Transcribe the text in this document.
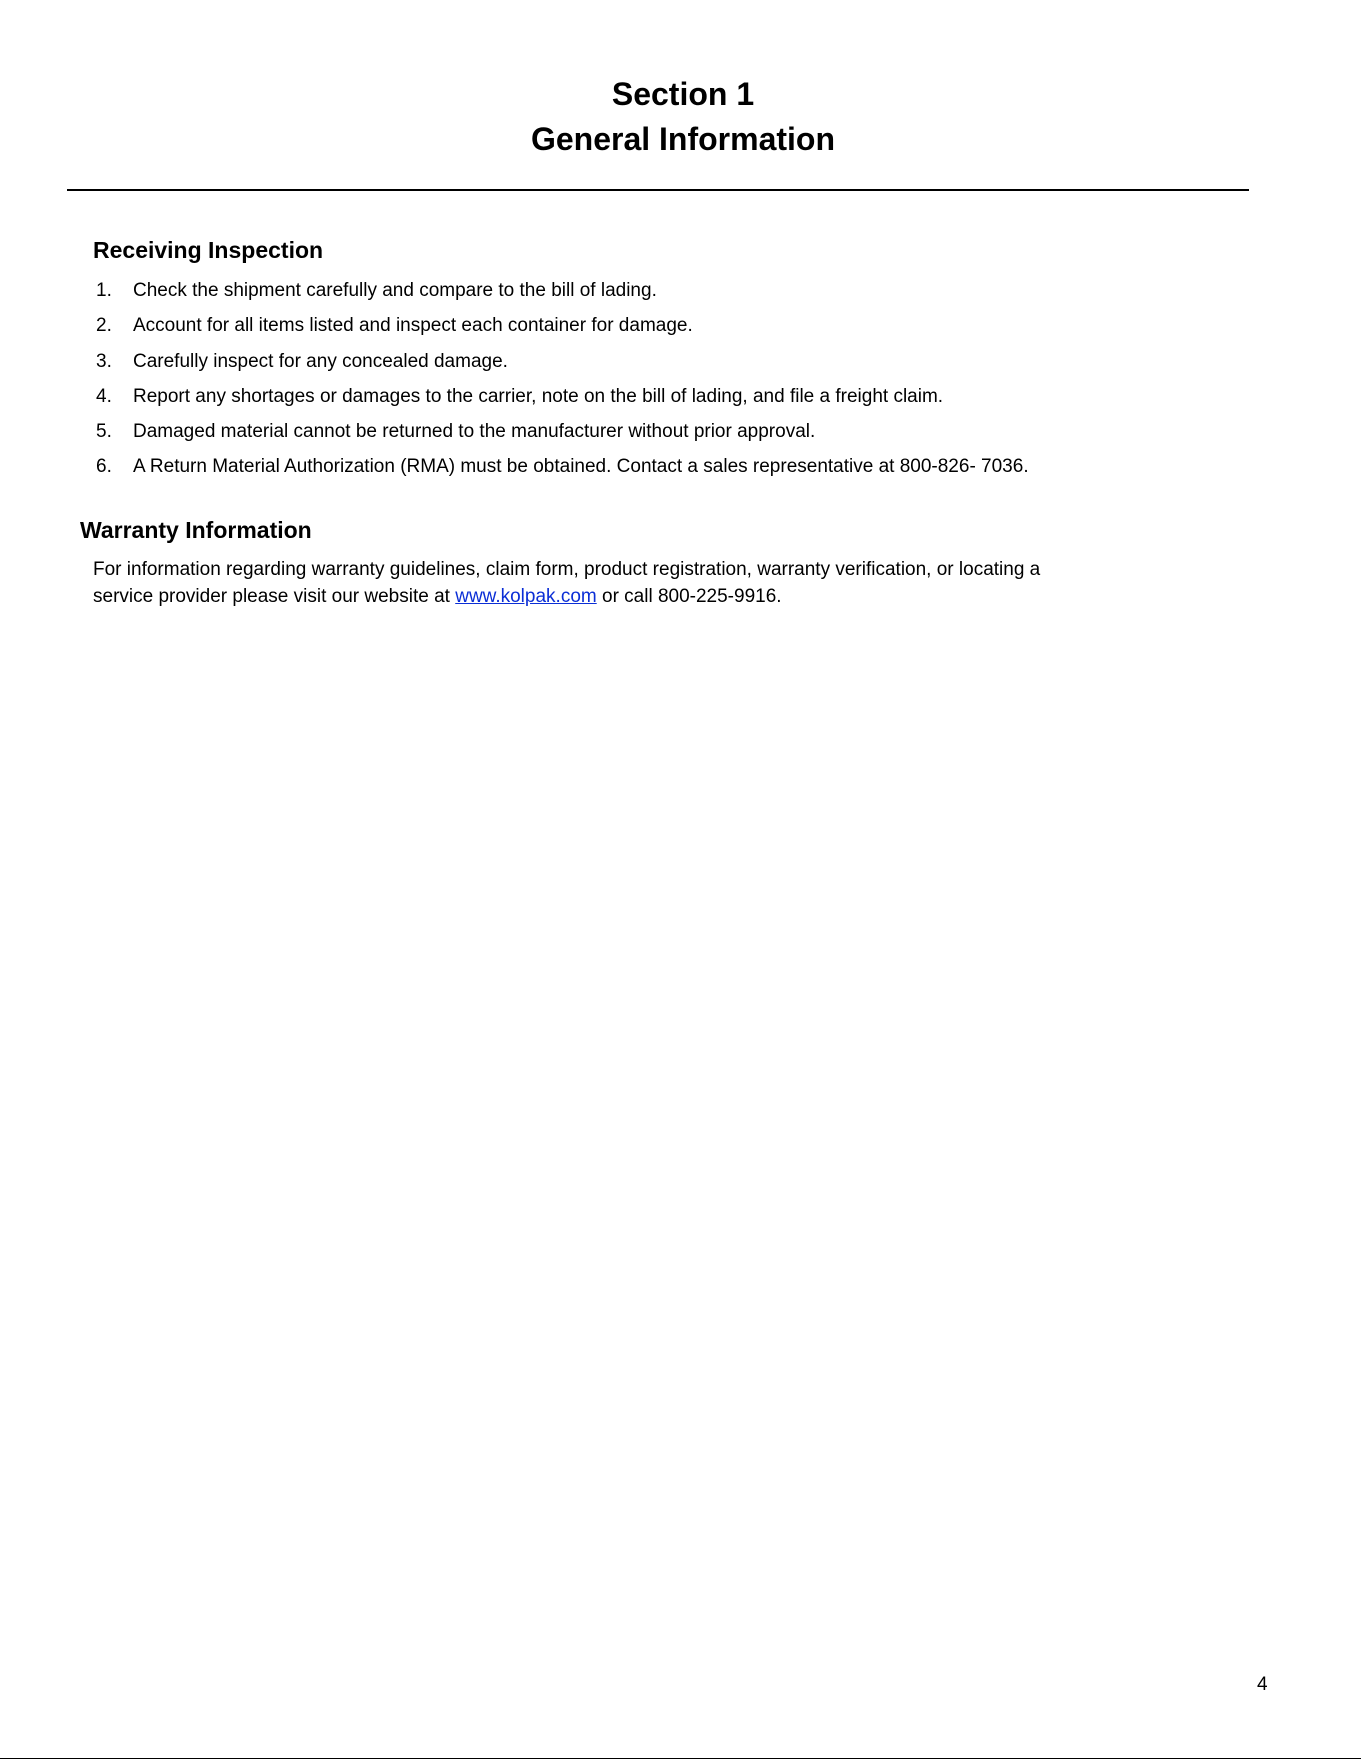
Section 1
General Information
Receiving Inspection
1. Check the shipment carefully and compare to the bill of lading.
2. Account for all items listed and inspect each container for damage.
3. Carefully inspect for any concealed damage.
4. Report any shortages or damages to the carrier, note on the bill of lading, and file a freight claim.
5. Damaged material cannot be returned to the manufacturer without prior approval.
6. A Return Material Authorization (RMA) must be obtained. Contact a sales representative at 800-826- 7036.
Warranty Information

For information regarding warranty guidelines, claim form, product registration, warranty verification, or locating a service provider please visit our website at www.kolpak.com or call 800-225-9916.

4
